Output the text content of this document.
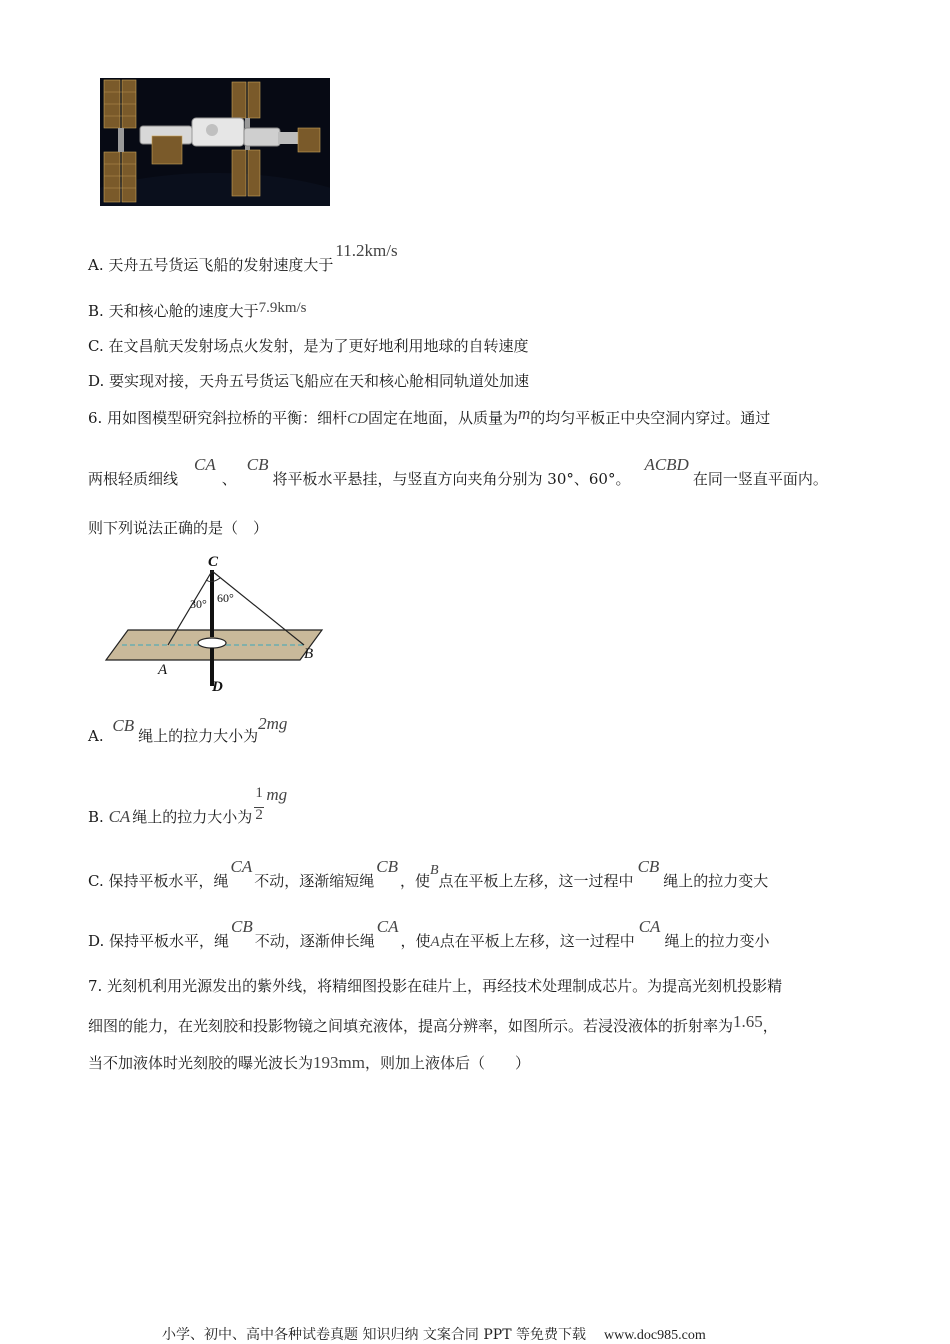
A. 天舟五号货运飞船的发射速度大于11.2km/s
B. 天和核心舱的速度大于7.9km/s
C. 在文昌航天发射场点火发射，是为了更好地利用地球的自转速度
D. 要实现对接，天舟五号货运飞船应在天和核心舱相同轨道处加速
6. 用如图模型研究斜拉桥的平衡：细杆CD固定在地面，从质量为m的均匀平板正中央空洞内穿过。通过
两根轻质细线CA、CB将平板水平悬挂，与竖直方向夹角分别为 30°、60°。ACBD在同一竖直平面内。
则下列说法正确的是（　）
C
D
A
B
30° 60°
A. CB绳上的拉力大小为2mg
B. CA 绳上的拉力大小为 $\frac{1}{2}$ mg
C. 保持平板水平，绳CA不动，逐渐缩短绳CB，使B点在平板上左移，这一过程中CB绳上的拉力变大
D. 保持平板水平，绳CB不动，逐渐伸长绳CA，使A点在平板上左移，这一过程中CA绳上的拉力变小
7. 光刻机利用光源发出的紫外线，将精细图投影在硅片上，再经技术处理制成芯片。为提高光刻机投影精
细图的能力，在光刻胶和投影物镜之间填充液体，提高分辨率，如图所示。若浸没液体的折射率为1.65，
当不加液体时光刻胶的曝光波长为193mm，则加上液体后（　　）
小学、初中、高中各种试卷真题 知识归纳 文案合同 PPT 等免费下载 www.doc985.com
